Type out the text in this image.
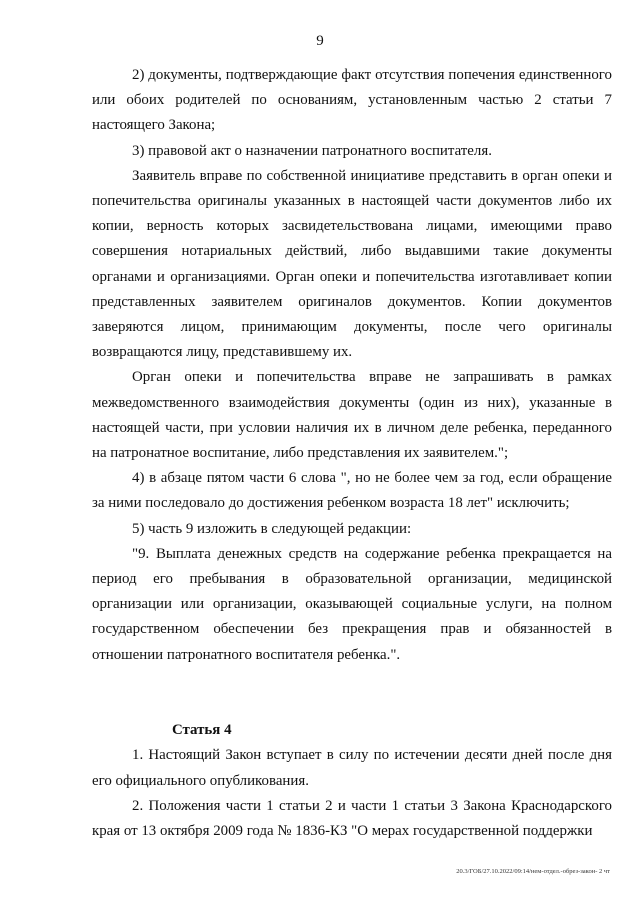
9

2) документы, подтверждающие факт отсутствия попечения единственного или обоих родителей по основаниям, установленным частью 2 статьи 7 настоящего Закона;

3) правовой акт о назначении патронатного воспитателя.

Заявитель вправе по собственной инициативе представить в орган опеки и попечительства оригиналы указанных в настоящей части документов либо их копии, верность которых засвидетельствована лицами, имеющими право совершения нотариальных действий, либо выдавшими такие документы органами и организациями. Орган опеки и попечительства изготавливает копии представленных заявителем оригиналов документов. Копии документов заверяются лицом, принимающим документы, после чего оригиналы возвращаются лицу, представившему их.

Орган опеки и попечительства вправе не запрашивать в рамках межведомственного взаимодействия документы (один из них), указанные в настоящей части, при условии наличия их в личном деле ребенка, переданного на патронатное воспитание, либо представления их заявителем.";

4) в абзаце пятом части 6 слова ", но не более чем за год, если обращение за ними последовало до достижения ребенком возраста 18 лет" исключить;

5) часть 9 изложить в следующей редакции:

"9. Выплата денежных средств на содержание ребенка прекращается на период его пребывания в образовательной организации, медицинской организации или организации, оказывающей социальные услуги, на полном государственном обеспечении без прекращения прав и обязанностей в отношении патронатного воспитателя ребенка.".

Статья 4

1. Настоящий Закон вступает в силу по истечении десяти дней после дня его официального опубликования.

2. Положения части 1 статьи 2 и части 1 статьи 3 Закона Краснодарского края от 13 октября 2009 года № 1836-КЗ "О мерах государственной поддержки

20.3/ГОБ/27.10.2022/09:14/нем-отдел.-обрез-закон- 2 чт
